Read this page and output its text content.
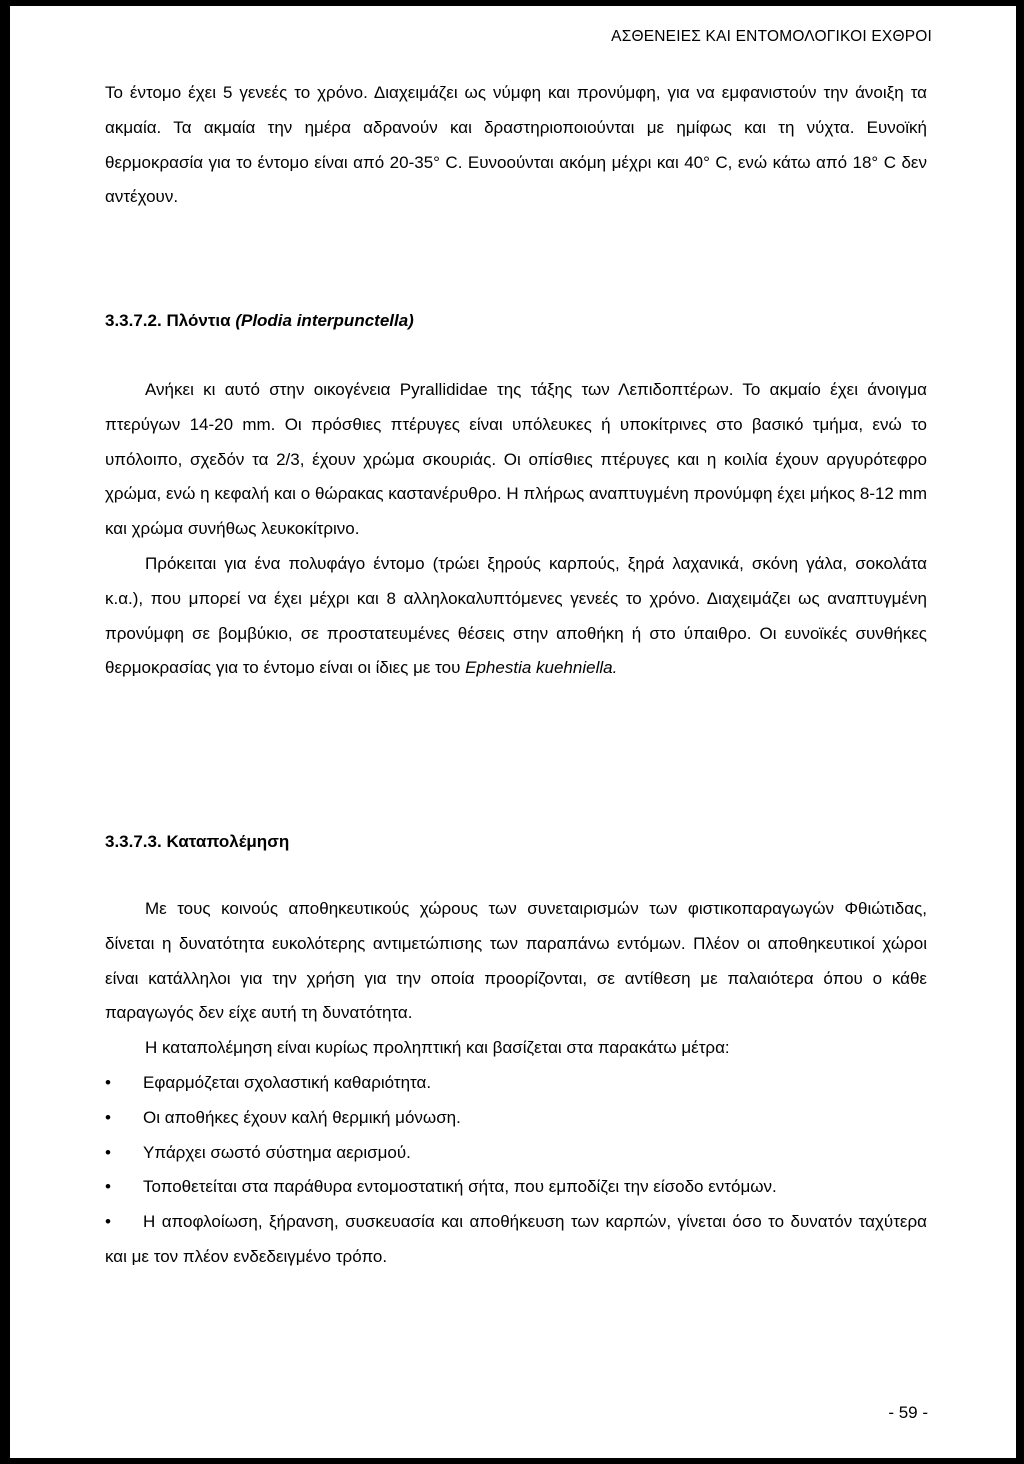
ΑΣΘΕΝΕΙΕΣ ΚΑΙ ΕΝΤΟΜΟΛΟΓΙΚΟΙ ΕΧΘΡΟΙ

Το έντομο έχει 5 γενεές το χρόνο. Διαχειμάζει ως νύμφη και προνύμφη, για να εμφανιστούν την άνοιξη τα ακμαία. Τα ακμαία την ημέρα αδρανούν και δραστηριοποιούνται με ημίφως και τη νύχτα. Ευνοϊκή θερμοκρασία για το έντομο είναι από 20-35° C. Ευνοούνται ακόμη μέχρι και 40° C, ενώ κάτω από 18° C δεν αντέχουν.

3.3.7.2. Πλόντια (Plodia interpunctella)

Ανήκει κι αυτό στην οικογένεια Pyrallididae της τάξης των Λεπιδοπτέρων. Το ακμαίο έχει άνοιγμα πτερύγων 14-20 mm. Οι πρόσθιες πτέρυγες είναι υπόλευκες ή υποκίτρινες στο βασικό τμήμα, ενώ το υπόλοιπο, σχεδόν τα 2/3, έχουν χρώμα σκουριάς. Οι οπίσθιες πτέρυγες και η κοιλία έχουν αργυρότεφρο χρώμα, ενώ η κεφαλή και ο θώρακας καστανέρυθρο. Η πλήρως αναπτυγμένη προνύμφη έχει μήκος 8-12 mm και χρώμα συνήθως λευκοκίτρινο.

Πρόκειται για ένα πολυφάγο έντομο (τρώει ξηρούς καρπούς, ξηρά λαχανικά, σκόνη γάλα, σοκολάτα κ.α.), που μπορεί να έχει μέχρι και 8 αλληλοκαλυπτόμενες γενεές το χρόνο. Διαχειμάζει ως αναπτυγμένη προνύμφη σε βομβύκιο, σε προστατευμένες θέσεις στην αποθήκη ή στο ύπαιθρο. Οι ευνοϊκές συνθήκες θερμοκρασίας για το έντομο είναι οι ίδιες με του Ephestia kuehniella.

3.3.7.3. Καταπολέμηση

Με τους κοινούς αποθηκευτικούς χώρους των συνεταιρισμών των φιστικοπαραγωγών Φθιώτιδας, δίνεται η δυνατότητα ευκολότερης αντιμετώπισης των παραπάνω εντόμων. Πλέον οι αποθηκευτικοί χώροι είναι κατάλληλοι για την χρήση για την οποία προορίζονται, σε αντίθεση με παλαιότερα όπου ο κάθε παραγωγός δεν είχε αυτή τη δυνατότητα.

Η καταπολέμηση είναι κυρίως προληπτική και βασίζεται στα παρακάτω μέτρα:

• Εφαρμόζεται σχολαστική καθαριότητα.
• Οι αποθήκες έχουν καλή θερμική μόνωση.
• Υπάρχει σωστό σύστημα αερισμού.
• Τοποθετείται στα παράθυρα εντομοστατική σήτα, που εμποδίζει την είσοδο εντόμων.
• Η αποφλοίωση, ξήρανση, συσκευασία και αποθήκευση των καρπών, γίνεται όσο το δυνατόν ταχύτερα και με τον πλέον ενδεδειγμένο τρόπο.
- 59 -
